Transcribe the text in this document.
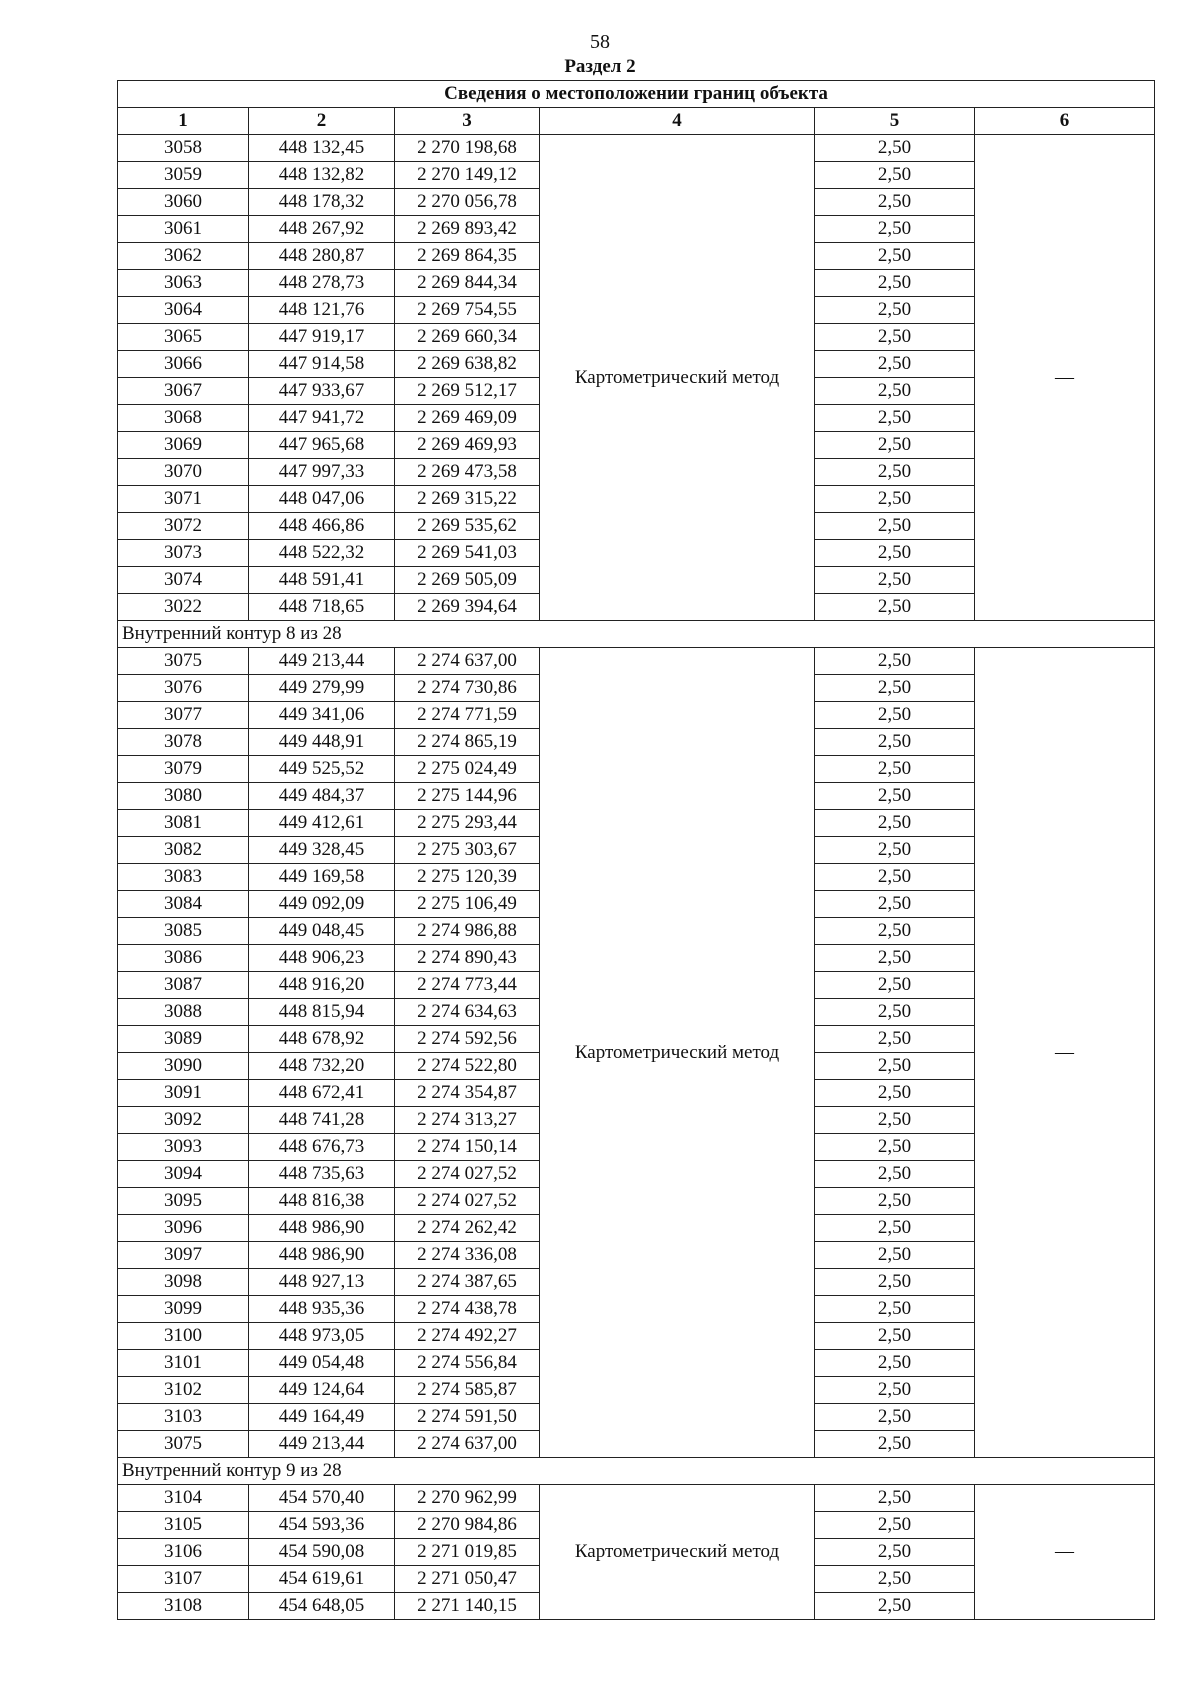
58
Раздел 2
Сведения о местоположении границ объекта					
1	2	3	4	5	6
3058	448 132,45	2 270 198,68	Картометрический метод	2,50	—
3059	448 132,82	2 270 149,12		2,50	
3060	448 178,32	2 270 056,78		2,50	
3061	448 267,92	2 269 893,42		2,50	
3062	448 280,87	2 269 864,35		2,50	
3063	448 278,73	2 269 844,34		2,50	
3064	448 121,76	2 269 754,55		2,50	
3065	447 919,17	2 269 660,34		2,50	
3066	447 914,58	2 269 638,82		2,50	
3067	447 933,67	2 269 512,17		2,50	
3068	447 941,72	2 269 469,09		2,50	
3069	447 965,68	2 269 469,93		2,50	
3070	447 997,33	2 269 473,58		2,50	
3071	448 047,06	2 269 315,22		2,50	
3072	448 466,86	2 269 535,62		2,50	
3073	448 522,32	2 269 541,03		2,50	
3074	448 591,41	2 269 505,09		2,50	
3022	448 718,65	2 269 394,64		2,50	
Внутренний контур 8 из 28					
3075	449 213,44	2 274 637,00	Картометрический метод	2,50	—
3076	449 279,99	2 274 730,86		2,50	
3077	449 341,06	2 274 771,59		2,50	
3078	449 448,91	2 274 865,19		2,50	
3079	449 525,52	2 275 024,49		2,50	
3080	449 484,37	2 275 144,96		2,50	
3081	449 412,61	2 275 293,44		2,50	
3082	449 328,45	2 275 303,67		2,50	
3083	449 169,58	2 275 120,39		2,50	
3084	449 092,09	2 275 106,49		2,50	
3085	449 048,45	2 274 986,88		2,50	
3086	448 906,23	2 274 890,43		2,50	
3087	448 916,20	2 274 773,44		2,50	
3088	448 815,94	2 274 634,63		2,50	
3089	448 678,92	2 274 592,56		2,50	
3090	448 732,20	2 274 522,80		2,50	
3091	448 672,41	2 274 354,87		2,50	
3092	448 741,28	2 274 313,27		2,50	
3093	448 676,73	2 274 150,14		2,50	
3094	448 735,63	2 274 027,52		2,50	
3095	448 816,38	2 274 027,52		2,50	
3096	448 986,90	2 274 262,42		2,50	
3097	448 986,90	2 274 336,08		2,50	
3098	448 927,13	2 274 387,65		2,50	
3099	448 935,36	2 274 438,78		2,50	
3100	448 973,05	2 274 492,27		2,50	
3101	449 054,48	2 274 556,84		2,50	
3102	449 124,64	2 274 585,87		2,50	
3103	449 164,49	2 274 591,50		2,50	
3075	449 213,44	2 274 637,00		2,50	
Внутренний контур 9 из 28					
3104	454 570,40	2 270 962,99	Картометрический метод	2,50	—
3105	454 593,36	2 270 984,86		2,50	
3106	454 590,08	2 271 019,85		2,50	
3107	454 619,61	2 271 050,47		2,50	
3108	454 648,05	2 271 140,15		2,50	
